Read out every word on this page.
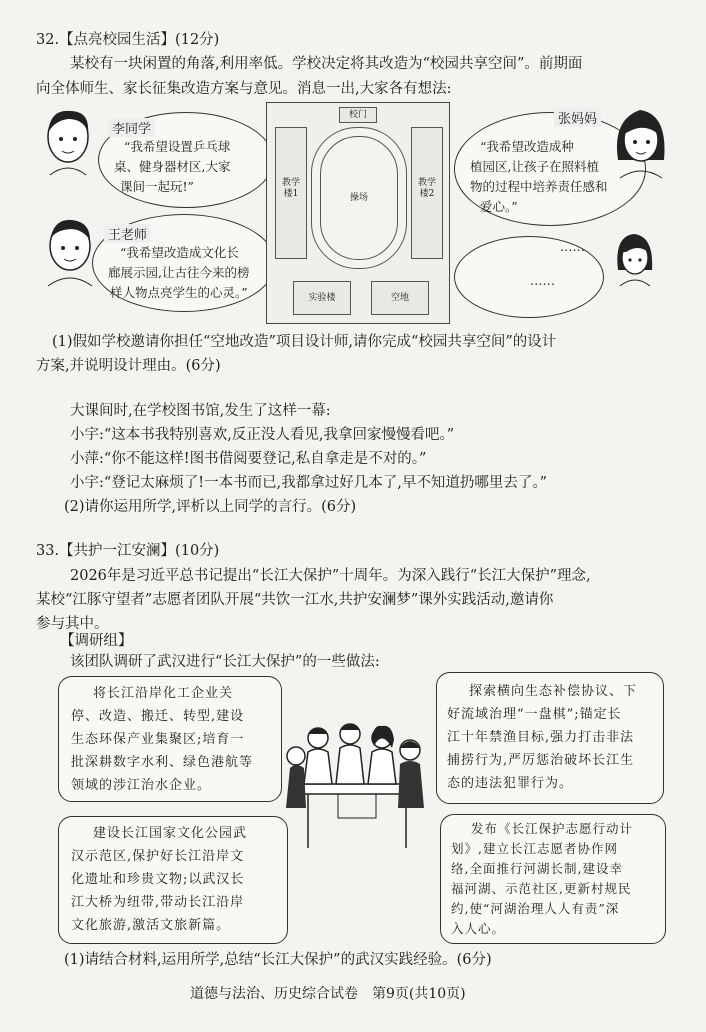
32.【点亮校园生活】(12分)
某校有一块闲置的角落,利用率低。学校决定将其改造为“校园共享空间”。前期面
向全体师生、家长征集改造方案与意见。消息一出,大家各有想法:
李同学
“我希望设置乒乓球
桌、健身器材区,大家
课间一起玩!”
王老师
“我希望改造成文化长
廊展示园,让古往今来的榜
样人物点亮学生的心灵。”
校门
教学楼1	操场
教学楼2
实验楼	空地
张妈妈
“我希望改造成种
植园区,让孩子在照料植
物的过程中培养责任感和
爱心。”
……
……
(1)假如学校邀请你担任“空地改造”项目设计师,请你完成“校园共享空间”的设计
方案,并说明设计理由。(6分)
大课间时,在学校图书馆,发生了这样一幕:
小宇:“这本书我特别喜欢,反正没人看见,我拿回家慢慢看吧。”
小萍:“你不能这样!图书借阅要登记,私自拿走是不对的。”
小宇:“登记太麻烦了!一本书而已,我都拿过好几本了,早不知道扔哪里去了。”
(2)请你运用所学,评析以上同学的言行。(6分)
33.【共护一江安澜】(10分)
2026年是习近平总书记提出“长江大保护”十周年。为深入践行“长江大保护”理念,
某校“江豚守望者”志愿者团队开展“共饮一江水,共护安澜梦”课外实践活动,邀请你
参与其中。
【调研组】
该团队调研了武汉进行“长江大保护”的一些做法:
将长江沿岸化工企业关
停、改造、搬迁、转型,建设
生态环保产业集聚区;培育一
批深耕数字水利、绿色港航等
领域的涉江治水企业。
探索横向生态补偿协议、下
好流域治理“一盘棋”;锚定长
江十年禁渔目标,强力打击非法
捕捞行为,严厉惩治破坏长江生
态的违法犯罪行为。
建设长江国家文化公园武
汉示范区,保护好长江沿岸文
化遗址和珍贵文物;以武汉长
江大桥为纽带,带动长江沿岸
文化旅游,激活文旅新篇。
发布《长江保护志愿行动计
划》,建立长江志愿者协作网
络,全面推行河湖长制,建设幸
福河湖、示范社区,更新村规民
约,使“河湖治理人人有责”深
入人心。
(1)请结合材料,运用所学,总结“长江大保护”的武汉实践经验。(6分)
道德与法治、历史综合试卷　第9页(共10页)
